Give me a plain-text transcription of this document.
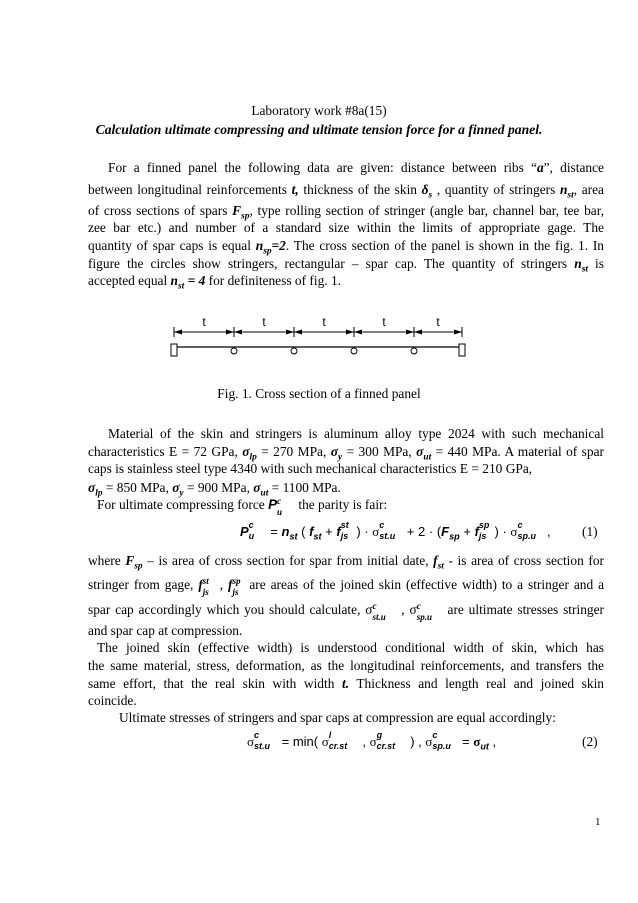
Laboratory work #8a(15)
Calculation ultimate compressing and ultimate tension force for a finned panel.
For a finned panel the following data are given: distance between ribs “a”, distance
between longitudinal reinforcements t, thickness of the skin $\delta_s$ , quantity of stringers $n_{st}$, area
of cross sections of spars $F_{sp}$, type rolling section of stringer (angle bar, channel bar, tee bar,
zee bar etc.) and number of a standard size within the limits of appropriate gage. The
quantity of spar caps is equal $n_{sp}=2$. The cross section of the panel is shown in the fig. 1. In
figure the circles show stringers, rectangular – spar cap. The quantity of stringers $n_{st}$ is
accepted equal $n_{st} = 4$ for definiteness of fig. 1.
t	t	t	t	t
Fig. 1. Cross section of a finned panel
Material of the skin and stringers is aluminum alloy type 2024 with such mechanical
characteristics E = 72 GPa, $\sigma_{lp} = 270$ MPa, $\sigma_y = 300$ MPa, $\sigma_{ut} = 440$ MPa. A material of spar
caps is stainless steel type 4340 with such mechanical characteristics E = 210 GPa,
$\sigma_{lp} = 850$ MPa, $\sigma_y = 900$ MPa, $\sigma_{ut} = 1100$ MPa.
For ultimate compressing force P c
u the parity is fair:
P c
$u = n_{st}$ ( $f_{st} + f$ st
js ) · σ c
$st.u + 2 \cdot (F_{sp} + f$ sp
js ) · σ c
sp.u , (1)
where $F_{sp}$ – is area of cross section for spar from initial date, $f_{st}$ - is area of cross section for
stringer from gage, f st
js , f sp
js are areas of the joined skin (effective width) to a stringer and a
spar cap accordingly which you should calculate, σ c
st.u , σ c
sp.u are ultimate stresses stringer
and spar cap at compression.
The joined skin (effective width) is understood conditional width of skin, which has
the same material, stress, deformation, as the longitudinal reinforcements, and transfers the
same effort, that the real skin with width t. Thickness and length real and joined skin
coincide.
Ultimate stresses of stringers and spar caps at compression are equal accordingly:
σ c
st.u = min( σ l
cr.st , σ g
cr.st ) , σ c
$sp.u = \sigma_{ut}$ ,	(2)
1
